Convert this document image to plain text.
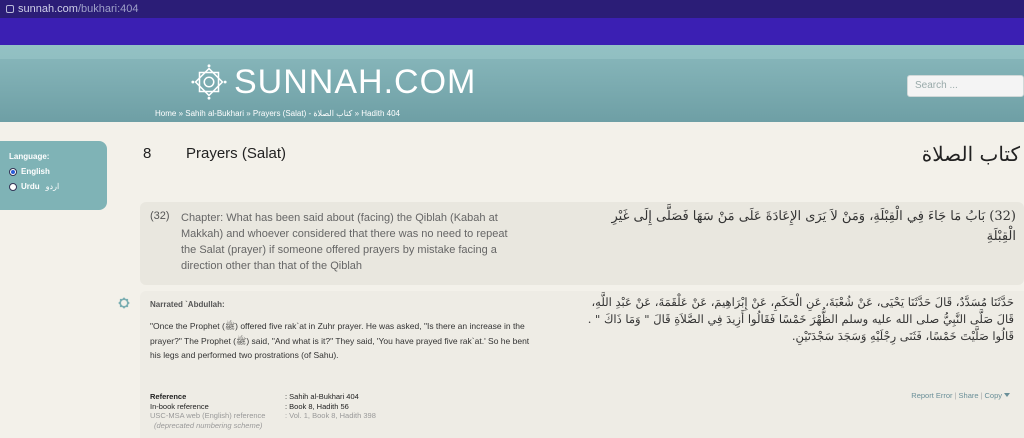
sunnah.com/bukhari:404
SUNNAH.COM	Search ...
Home » Sahih al-Bukhari » Prayers (Salat) - كتاب الصلاة » Hadith 404
Language:
English
Urdu اردو
8 Prayers (Salat)	كتاب الصلاة
(32) Chapter: What has been said about (facing) the Qiblah (Kabah at Makkah) and whoever considered that there was no need to repeat the Salat (prayer) if someone offered prayers by mistake facing a direction other than that of the Qiblah
(32) بَابُ مَا جَاءَ فِي الْقِبْلَةِ، وَمَنْ لاَ يَرَى الإِعَادَةَ عَلَى مَنْ سَهَا فَصَلَّى إِلَى غَيْرِ الْقِبْلَةِ
Narrated `Abdullah:
"Once the Prophet (ﷺ) offered five rak`at in Zuhr prayer. He was asked, "Is there an increase in the prayer?" The Prophet (ﷺ) said, "And what is it?" They said, 'You have prayed five rak`at.' So he bent his legs and performed two prostrations (of Sahu).
حَدَّثَنَا مُسَدَّدٌ، قَالَ حَدَّثَنَا يَحْيَى، عَنْ شُعْبَةَ، عَنِ الْحَكَمِ، عَنْ إِبْرَاهِيمَ، عَنْ عَلْقَمَةَ، عَنْ عَبْدِ اللَّهِ، قَالَ صَلَّى النَّبِيُّ صلى الله عليه وسلم الظُّهْرَ خَمْسًا فَقَالُوا أَزِيدَ فِي الصَّلاَةِ قَالَ " وَمَا ذَاكَ " . قَالُوا صَلَّيْتَ خَمْسًا، فَثَنَى رِجْلَيْهِ وَسَجَدَ سَجْدَتَيْنِ.
Reference	: Sahih al-Bukhari 404
In-book reference	: Book 8, Hadith 56
USC-MSA web (English) reference	: Vol. 1, Book 8, Hadith 398
(deprecated numbering scheme)
Report Error | Share | Copy
